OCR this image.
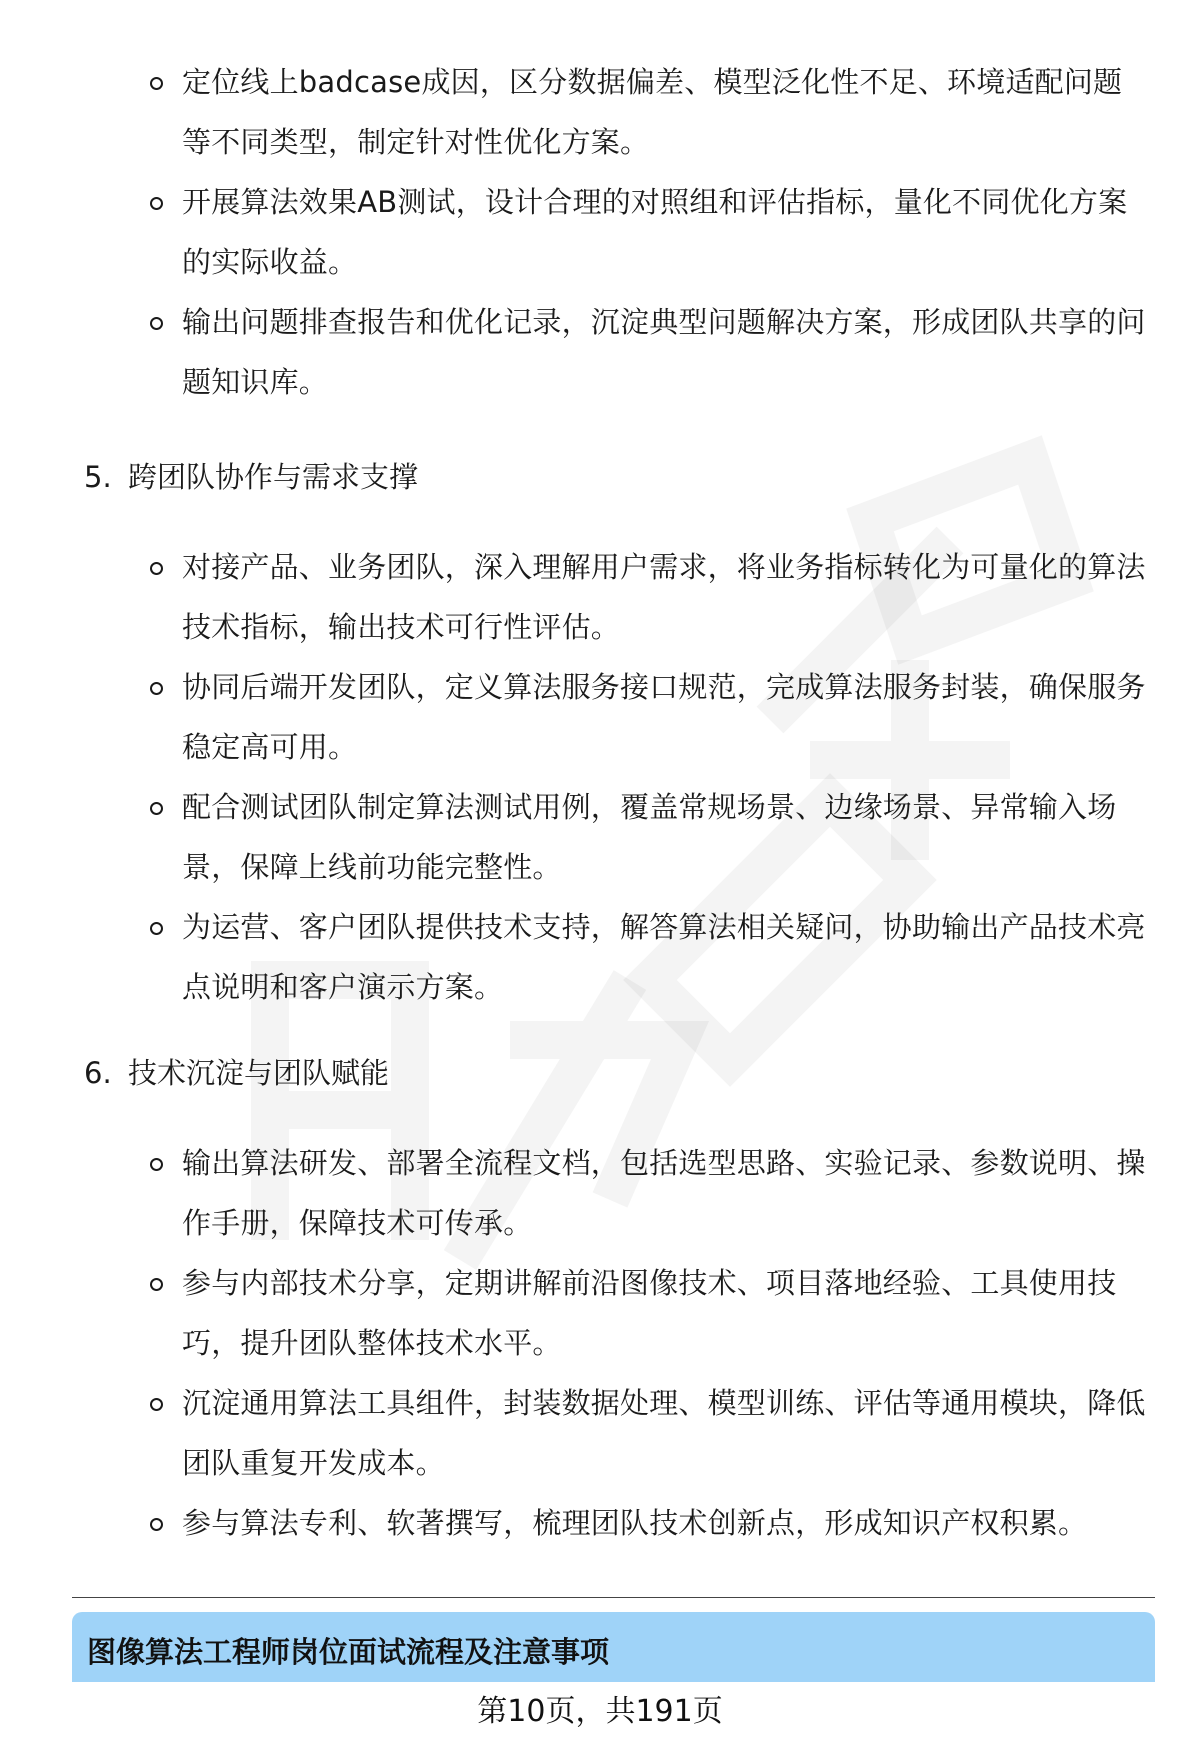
定位线上badcase成因，区分数据偏差、模型泛化性不足、环境适配问题等不同类型，制定针对性优化方案。
开展算法效果AB测试，设计合理的对照组和评估指标，量化不同优化方案的实际收益。
输出问题排查报告和优化记录，沉淀典型问题解决方案，形成团队共享的问题知识库。
5. 跨团队协作与需求支撑
对接产品、业务团队，深入理解用户需求，将业务指标转化为可量化的算法技术指标，输出技术可行性评估。
协同后端开发团队，定义算法服务接口规范，完成算法服务封装，确保服务稳定高可用。
配合测试团队制定算法测试用例，覆盖常规场景、边缘场景、异常输入场景，保障上线前功能完整性。
为运营、客户团队提供技术支持，解答算法相关疑问，协助输出产品技术亮点说明和客户演示方案。
6. 技术沉淀与团队赋能
输出算法研发、部署全流程文档，包括选型思路、实验记录、参数说明、操作手册，保障技术可传承。
参与内部技术分享，定期讲解前沿图像技术、项目落地经验、工具使用技巧，提升团队整体技术水平。
沉淀通用算法工具组件，封装数据处理、模型训练、评估等通用模块，降低团队重复开发成本。
参与算法专利、软著撰写，梳理团队技术创新点，形成知识产权积累。
图像算法工程师岗位面试流程及注意事项
第10页，共191页
